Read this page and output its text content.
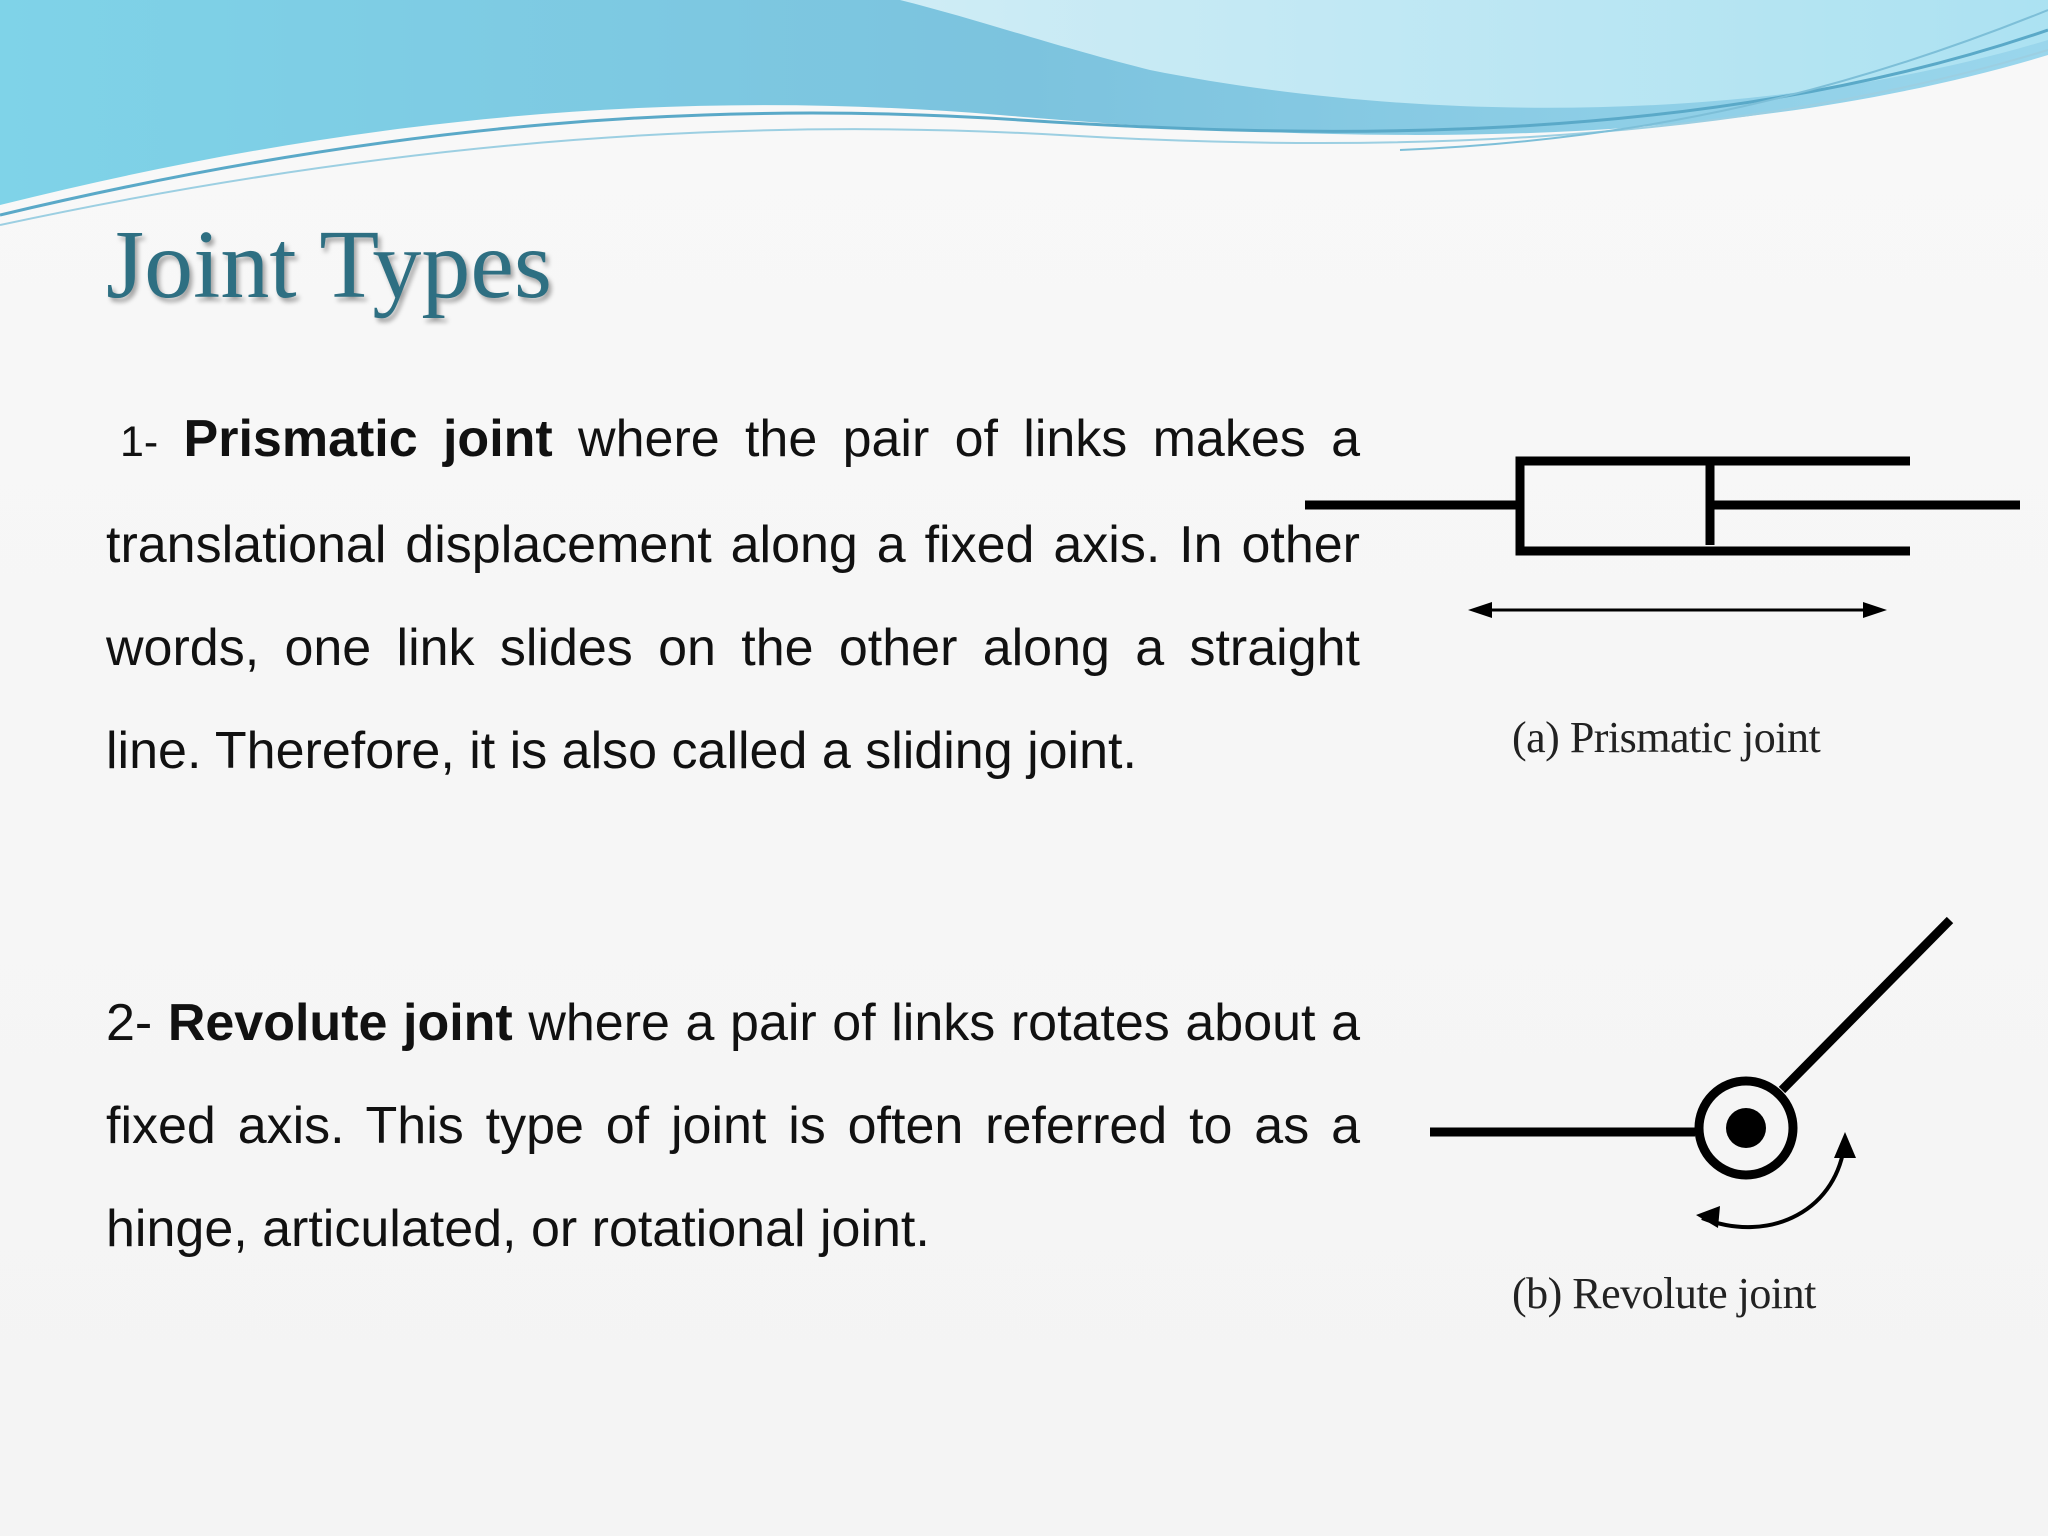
Joint Types

1- Prismatic joint where the pair of links makes a translational displacement along a fixed axis. In other words, one link slides on the other along a straight line. Therefore, it is also called a sliding joint.

2- Revolute joint where a pair of links rotates about a fixed axis. This type of joint is often referred to as a hinge, articulated, or rotational joint.

(a) Prismatic joint
(b) Revolute joint
